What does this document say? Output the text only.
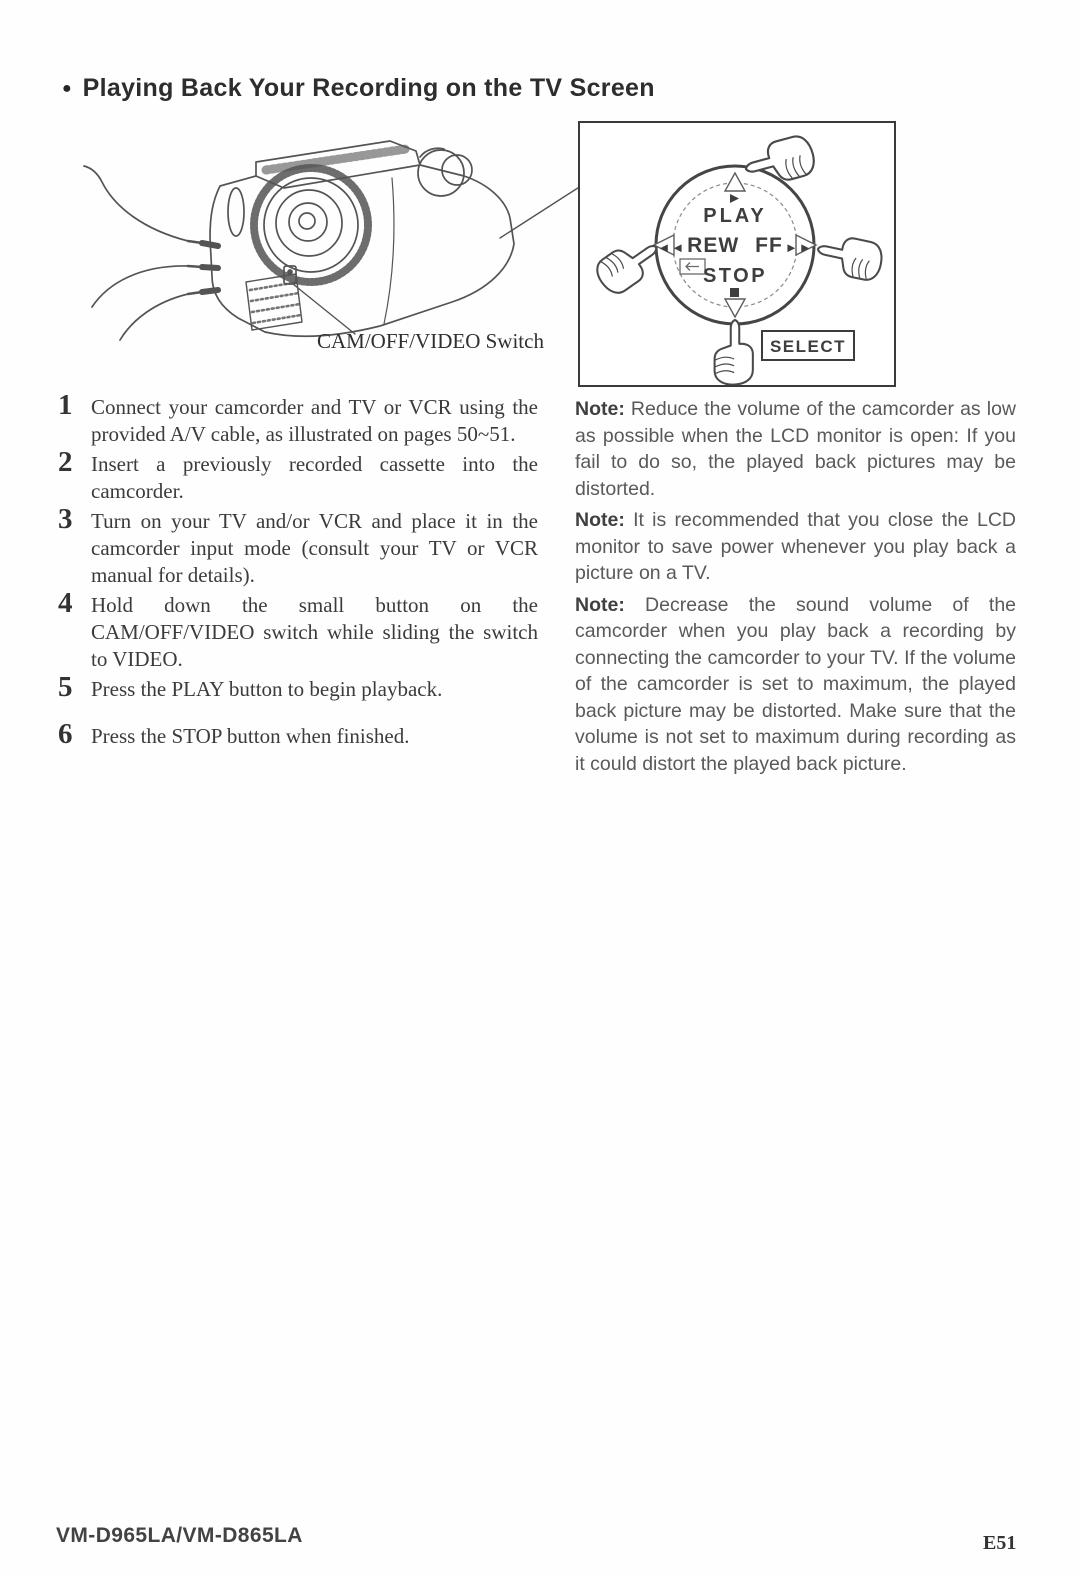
● Playing Back Your Recording on the TV Screen
CAM/OFF/VIDEO Switch
PLAY
◄◄REW FF ►►
STOP
SELECT
1 Connect your camcorder and TV or VCR using the provided A/V cable, as illustrated on pages 50~51.

2 Insert a previously recorded cassette into the camcorder.

3 Turn on your TV and/or VCR and place it in the camcorder input mode (consult your TV or VCR manual for details).

4 Hold down the small button on the CAM/OFF/VIDEO switch while sliding the switch to VIDEO.

5 Press the PLAY button to begin playback.

6 Press the STOP button when finished.

Note: Reduce the volume of the camcorder as low as possible when the LCD monitor is open: If you fail to do so, the played back pictures may be distorted.

Note: It is recommended that you close the LCD monitor to save power whenever you play back a picture on a TV.

Note: Decrease the sound volume of the camcorder when you play back a recording by connecting the camcorder to your TV. If the volume of the camcorder is set to maximum, the played back picture may be distorted. Make sure that the volume is not set to maximum during recording as it could distort the played back picture.

VM-D965LA/VM-D865LA	E51
